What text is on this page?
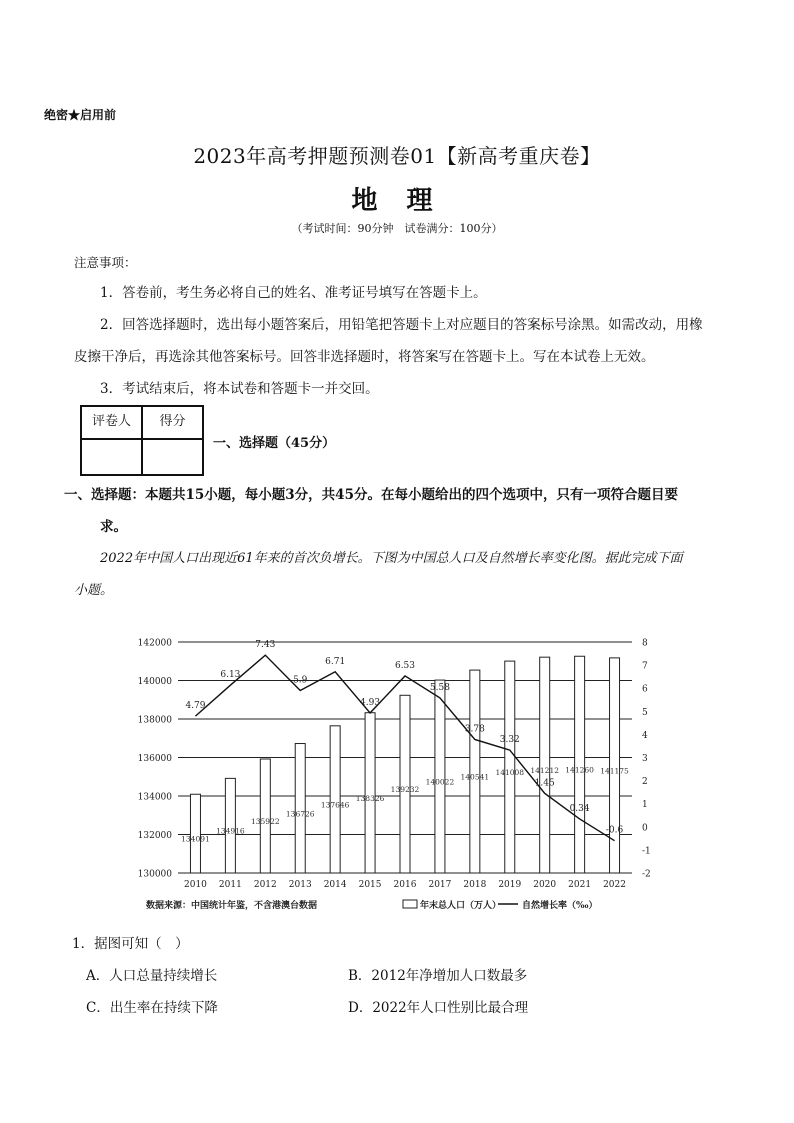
绝密★启用前
2023年高考押题预测卷01【新高考重庆卷】
地 理
（考试时间：90分钟　试卷满分：100分）
注意事项：
1．答卷前，考生务必将自己的姓名、准考证号填写在答题卡上。
2．回答选择题时，选出每小题答案后，用铅笔把答题卡上对应题目的答案标号涂黑。如需改动，用橡
皮擦干净后，再选涂其他答案标号。回答非选择题时，将答案写在答题卡上。写在本试卷上无效。
3．考试结束后，将本试卷和答题卡一并交回。
评卷人	得分

一、选择题（45分）
一、选择题：本题共15小题，每小题3分，共45分。在每小题给出的四个选项中，只有一项符合题目要
求。
2022年中国人口出现近61年来的首次负增长。下图为中国总人口及自然增长率变化图。据此完成下面
小题。
130000
132000
134000
136000
138000
140000
142000
-2
-1
0
1
2
3
4
5
6
7
8
134091
134916
135922
136726
137646
138326
139232
140022
140541 141008 141212 141260 141175
2010 2011 2012 2013 2014 2015 2016 2017 2018 2019 2020 2021 2022
4.79
6.13
7.43
5.9
6.71
4.93
6.53
5.58
3.78
3.32
1.45
0.34
-0.6
数据来源：中国统计年鉴，不含港澳台数据	年末总人口（万人） 自然增长率（‰）
1．据图可知（　）
A．人口总量持续增长	B．2012年净增加人口数最多
C．出生率在持续下降	D．2022年人口性别比最合理
